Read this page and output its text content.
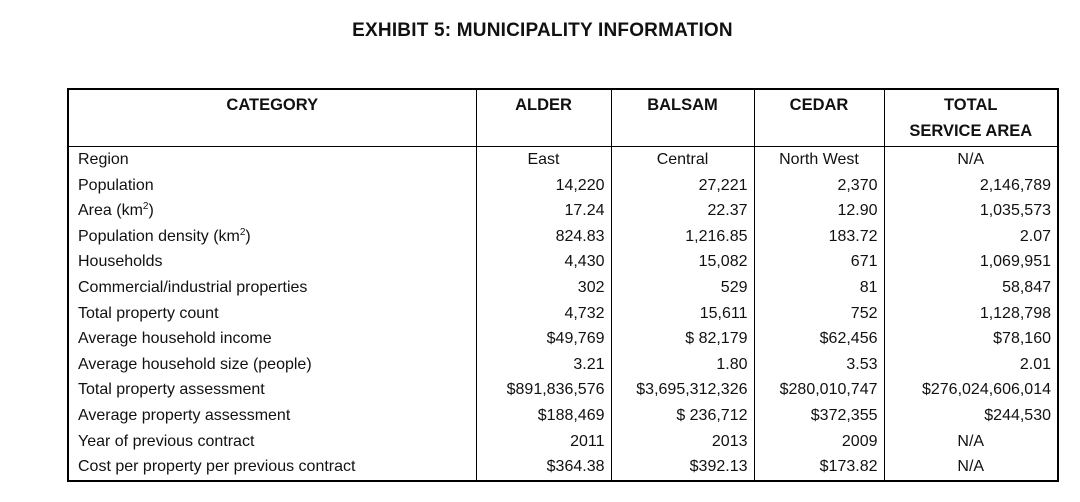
EXHIBIT 5: MUNICIPALITY INFORMATION
CATEGORY	ALDER	BALSAM	CEDAR	TOTAL
SERVICE AREA

Region	East	Central	North West	N/A
Population	14,220	27,221	2,370	2,146,789
Area $(km^2)$	17.24	22.37	12.90	1,035,573
Population density $(km^2)$	824.83	1,216.85	183.72	2.07
Households	4,430	15,082	671	1,069,951
Commercial/industrial properties	302	529	81	58,847
Total property count	4,732	15,611	752	1,128,798
Average household income	$49,769	$ 82,179	$62,456	$78,160
Average household size (people)	3.21	1.80	3.53	2.01
Total property assessment	$891,836,576	$3,695,312,326	$280,010,747	$276,024,606,014
Average property assessment	$188,469	$ 236,712	$372,355	$244,530
Year of previous contract	2011	2013	2009	N/A
Cost per property per previous contract	$364.38	$392.13	$173.82	N/A
